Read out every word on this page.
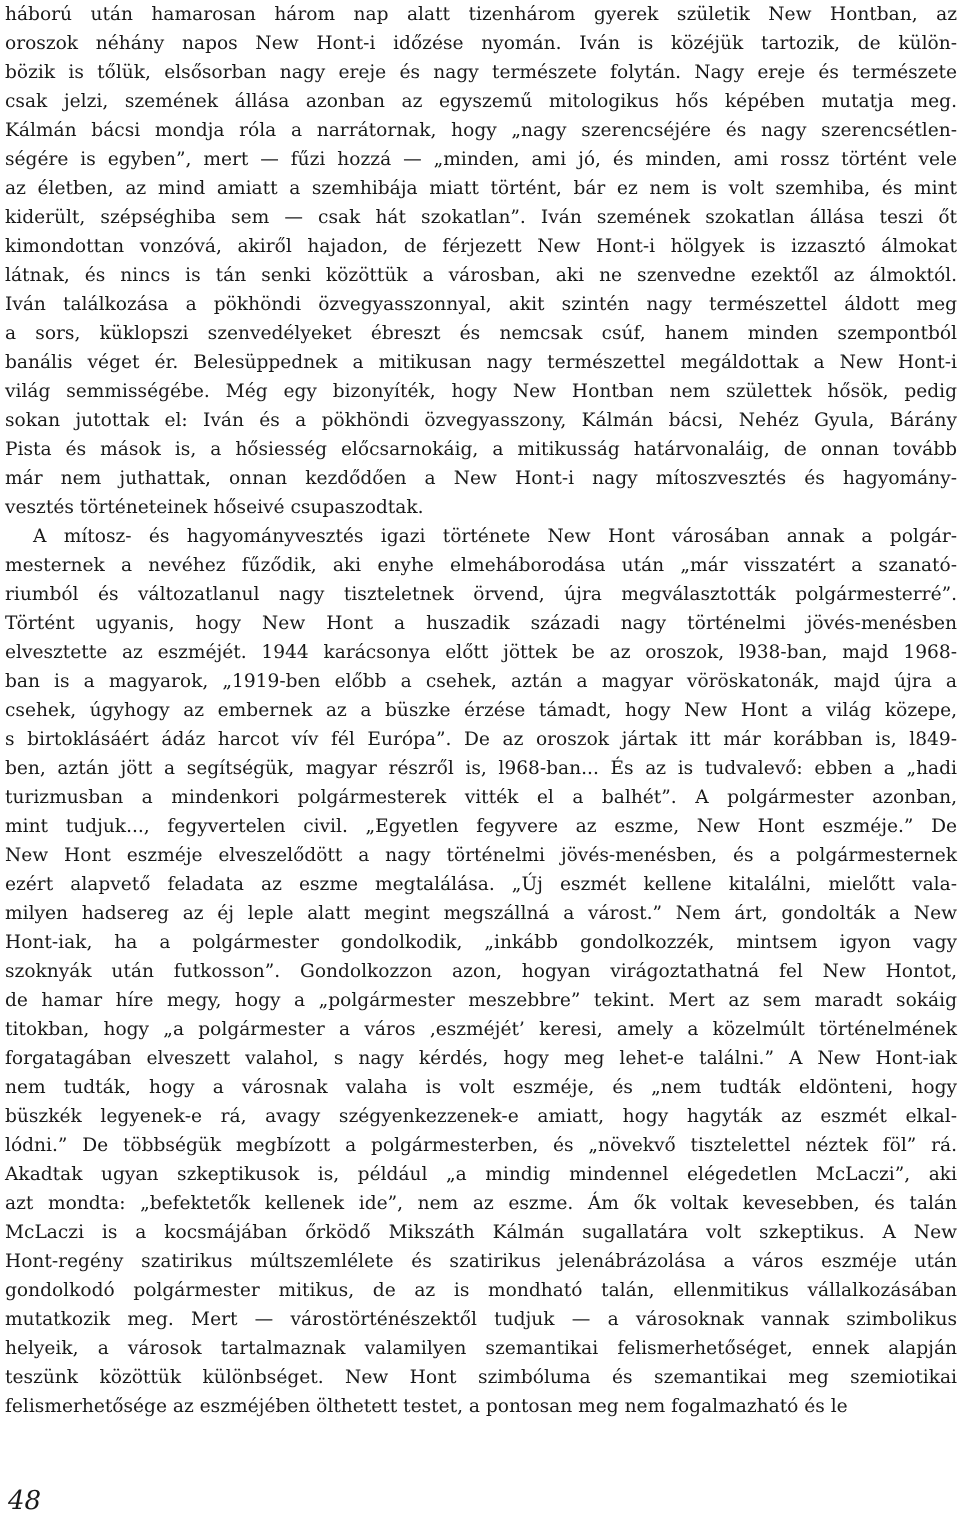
háború után hamarosan három nap alatt tizenhárom gyerek születik New Hontban, az
oroszok néhány napos New Hont-i időzése nyomán. Iván is közéjük tartozik, de külön-
bözik is tőlük, elsősorban nagy ereje és nagy természete folytán. Nagy ereje és természete
csak jelzi, szemének állása azonban az egyszemű mitologikus hős képében mutatja meg.
Kálmán bácsi mondja róla a narrátornak, hogy „nagy szerencséjére és nagy szerencsétlen-
ségére is egyben”, mert — fűzi hozzá — „minden, ami jó, és minden, ami rossz történt vele
az életben, az mind amiatt a szemhibája miatt történt, bár ez nem is volt szemhiba, és mint
kiderült, szépséghiba sem — csak hát szokatlan”. Iván szemének szokatlan állása teszi őt
kimondottan vonzóvá, akiről hajadon, de férjezett New Hont-i hölgyek is izzasztó álmokat
látnak, és nincs is tán senki közöttük a városban, aki ne szenvedne ezektől az álmoktól.
Iván találkozása a pökhöndi özvegyasszonnyal, akit szintén nagy természettel áldott meg
a sors, küklopszi szenvedélyeket ébreszt és nemcsak csúf, hanem minden szempontból
banális véget ér. Belesüppednek a mitikusan nagy természettel megáldottak a New Hont-i
világ semmisségébe. Még egy bizonyíték, hogy New Hontban nem születtek hősök, pedig
sokan jutottak el: Iván és a pökhöndi özvegyasszony, Kálmán bácsi, Nehéz Gyula, Bárány
Pista és mások is, a hősiesség előcsarnokáig, a mitikusság határvonaláig, de onnan tovább
már nem juthattak, onnan kezdődően a New Hont-i nagy mítoszvesztés és hagyomány-
vesztés történeteinek hőseivé csupaszodtak.
A mítosz- és hagyományvesztés igazi története New Hont városában annak a polgár-
mesternek a nevéhez fűződik, aki enyhe elmeháborodása után „már visszatért a szanató-
riumból és változatlanul nagy tiszteletnek örvend, újra megválasztották polgármesterré”.
Történt ugyanis, hogy New Hont a huszadik századi nagy történelmi jövés-menésben
elvesztette az eszméjét. 1944 karácsonya előtt jöttek be az oroszok, l938-ban, majd 1968-
ban is a magyarok, „1919-ben előbb a csehek, aztán a magyar vöröskatonák, majd újra a
csehek, úgyhogy az embernek az a büszke érzése támadt, hogy New Hont a világ közepe,
s birtoklásáért ádáz harcot vív fél Európa”. De az oroszok jártak itt már korábban is, l849-
ben, aztán jött a segítségük, magyar részről is, l968-ban... És az is tudvalevő: ebben a „hadi
turizmusban a mindenkori polgármesterek vitték el a balhét”. A polgármester azonban,
mint tudjuk..., fegyvertelen civil. „Egyetlen fegyvere az eszme, New Hont eszméje.” De
New Hont eszméje elveszelődött a nagy történelmi jövés-menésben, és a polgármesternek
ezért alapvető feladata az eszme megtalálása. „Új eszmét kellene kitalálni, mielőtt vala-
milyen hadsereg az éj leple alatt megint megszállná a várost.” Nem árt, gondolták a New
Hont-iak, ha a polgármester gondolkodik, „inkább gondolkozzék, mintsem igyon vagy
szoknyák után futkosson”. Gondolkozzon azon, hogyan virágoztathatná fel New Hontot,
de hamar híre megy, hogy a „polgármester meszebbre” tekint. Mert az sem maradt sokáig
titokban, hogy „a polgármester a város ‚eszméjét’ keresi, amely a közelmúlt történelmének
forgatagában elveszett valahol, s nagy kérdés, hogy meg lehet-e találni.” A New Hont-iak
nem tudták, hogy a városnak valaha is volt eszméje, és „nem tudták eldönteni, hogy
büszkék legyenek-e rá, avagy szégyenkezzenek-e amiatt, hogy hagyták az eszmét elkal-
lódni.” De többségük megbízott a polgármesterben, és „növekvő tisztelettel néztek föl” rá.
Akadtak ugyan szkeptikusok is, például „a mindig mindennel elégedetlen McLaczi”, aki
azt mondta: „befektetők kellenek ide”, nem az eszme. Ám ők voltak kevesebben, és talán
McLaczi is a kocsmájában őrködő Mikszáth Kálmán sugallatára volt szkeptikus. A New
Hont-regény szatirikus múltszemlélete és szatirikus jelenábrázolása a város eszméje után
gondolkodó polgármester mitikus, de az is mondható talán, ellenmitikus vállalkozásában
mutatkozik meg. Mert — várostörténészektől tudjuk — a városoknak vannak szimbolikus
helyeik, a városok tartalmaznak valamilyen szemantikai felismerhetőséget, ennek alapján
teszünk közöttük különbséget. New Hont szimbóluma és szemantikai meg szemiotikai
felismerhetősége az eszméjében ölthetett testet, a pontosan meg nem fogalmazható és le
48
